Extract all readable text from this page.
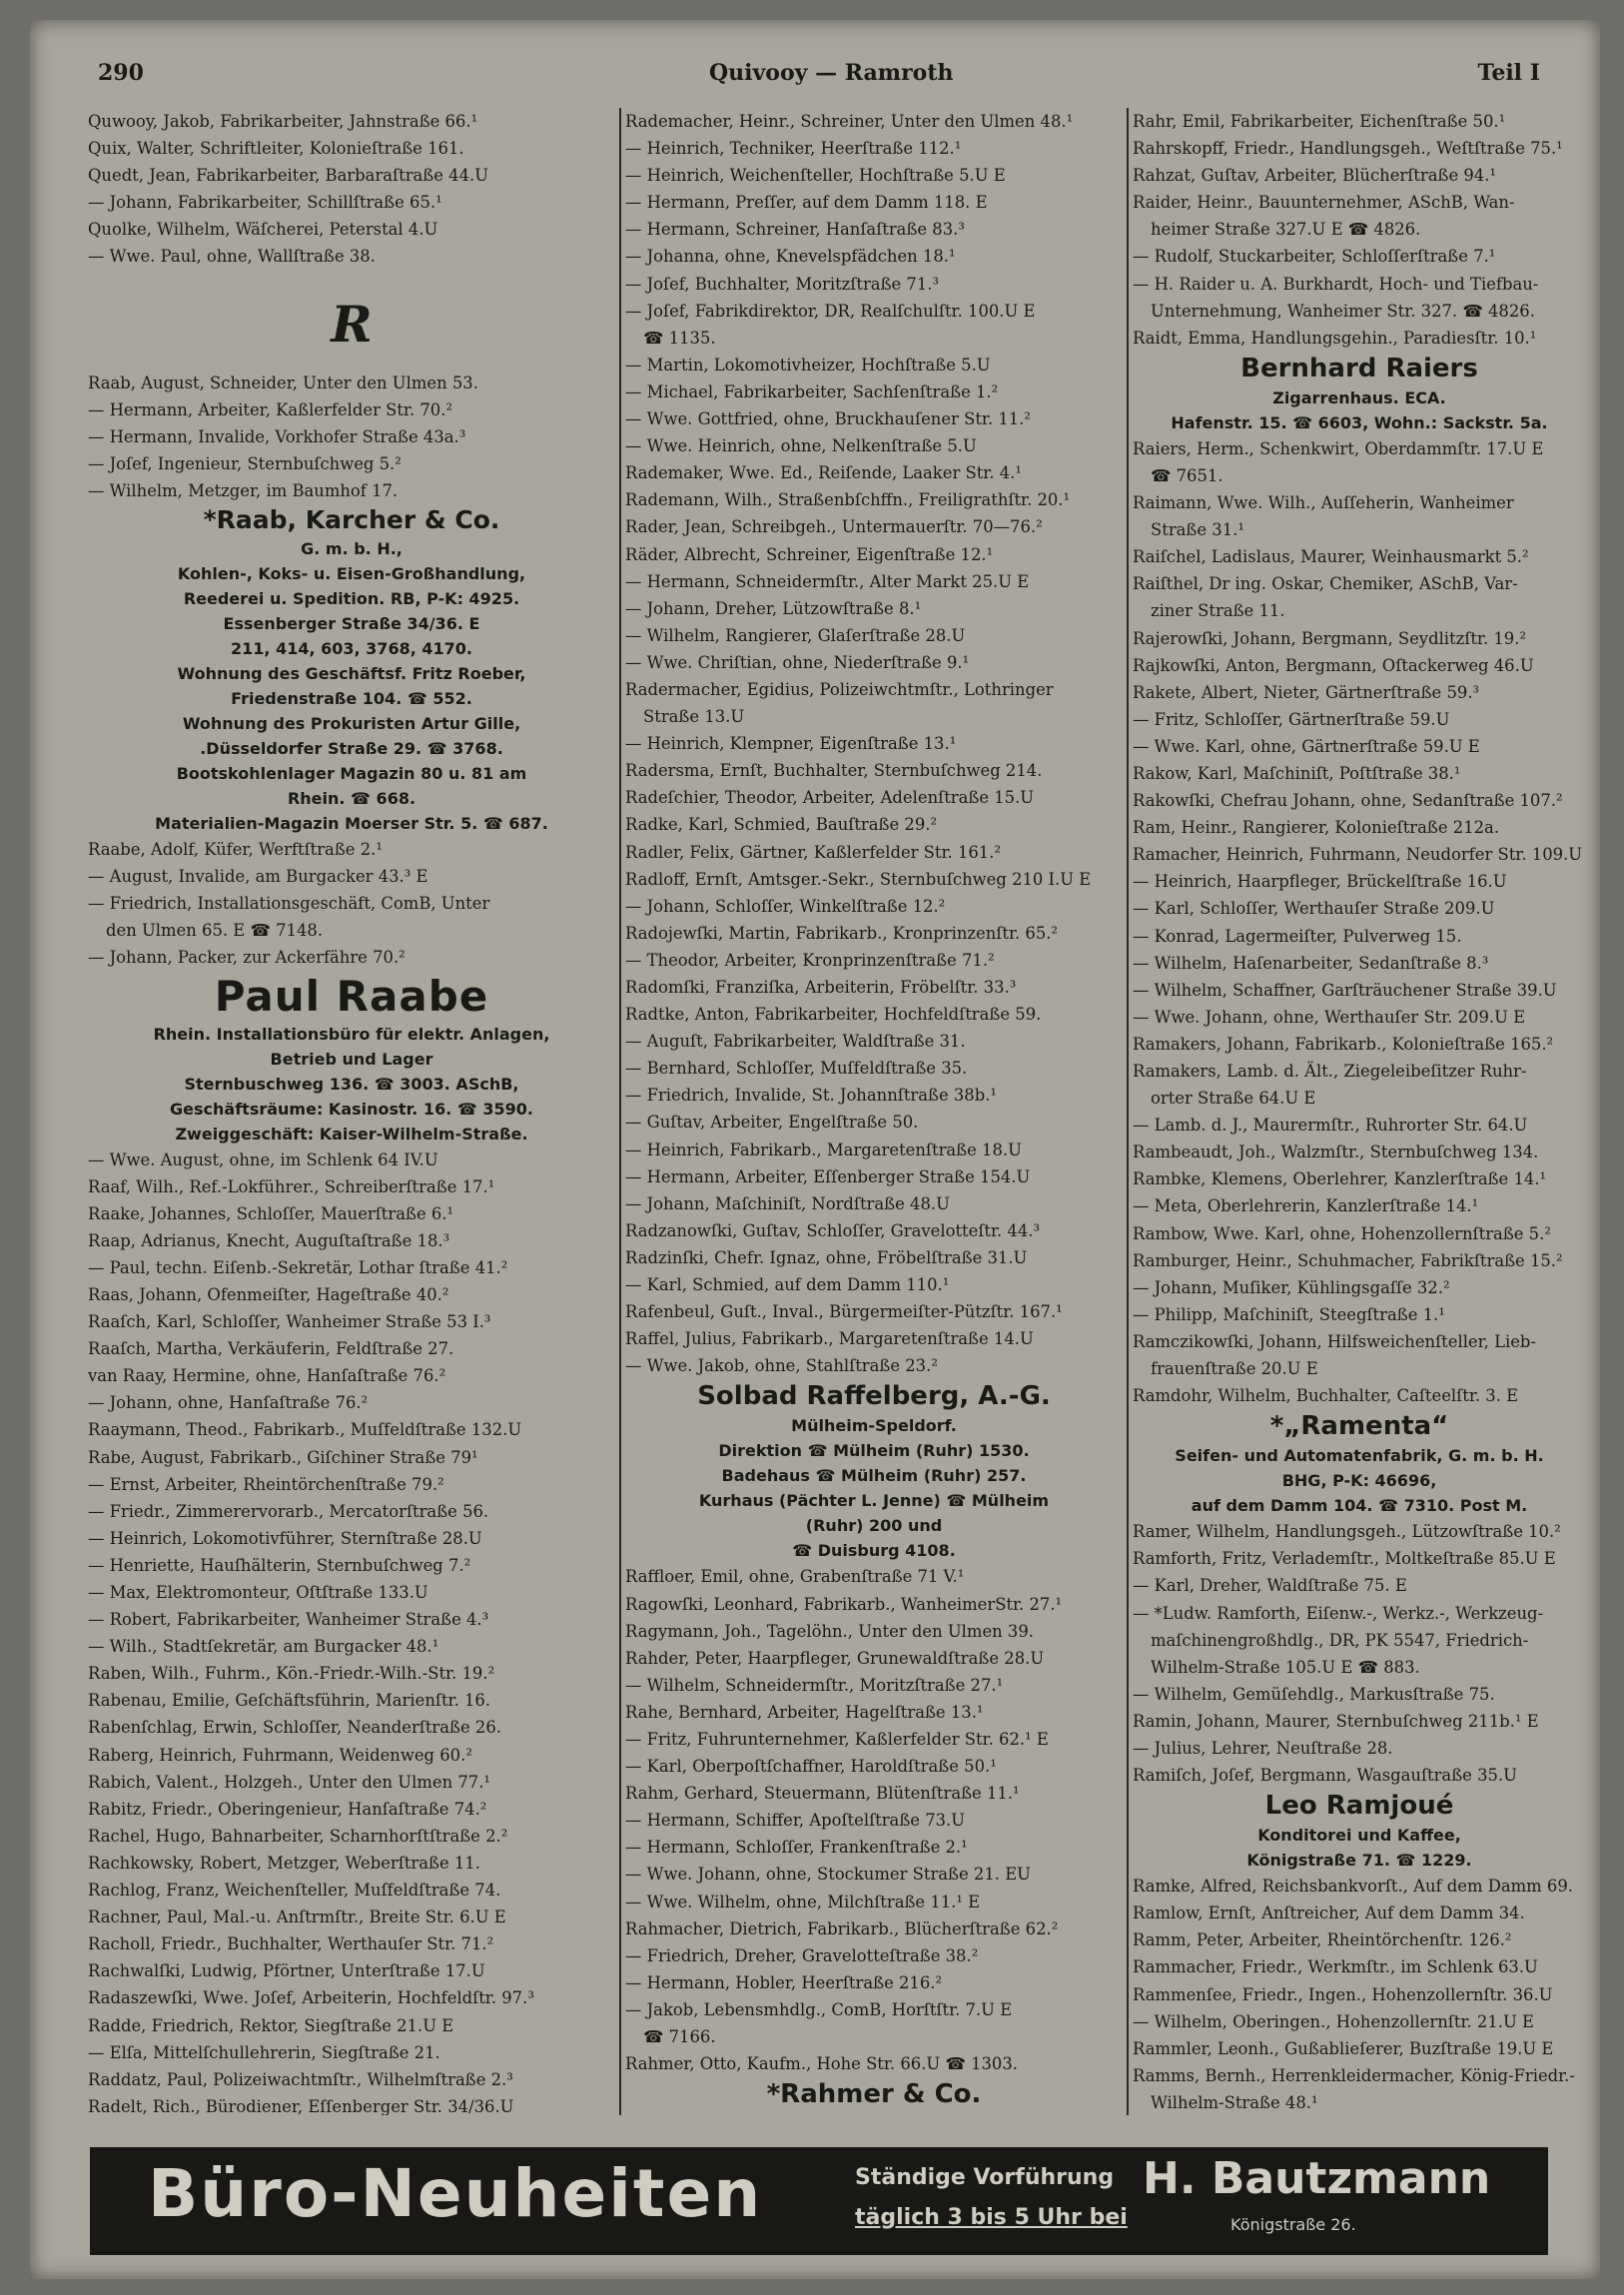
290	Quivooy — Ramroth	Teil I
Quwooy, Jakob, Fabrikarbeiter, Jahnstraße 66.¹
Quix, Walter, Schriftleiter, Kolonieſtraße 161.
Quedt, Jean, Fabrikarbeiter, Barbaraſtraße 44.U
— Johann, Fabrikarbeiter, Schillſtraße 65.¹
Quolke, Wilhelm, Wäſcherei, Peterstal 4.U
— Wwe. Paul, ohne, Wallſtraße 38.
R
Raab, August, Schneider, Unter den Ulmen 53.
— Hermann, Arbeiter, Kaßlerfelder Str. 70.²
— Hermann, Invalide, Vorkhofer Straße 43a.³
— Joſef, Ingenieur, Sternbuſchweg 5.²
— Wilhelm, Metzger, im Baumhof 17.
*Raab, Karcher & Co.
G. m. b. H.,
Kohlen-, Koks- u. Eisen-Großhandlung,
Reederei u. Spedition. RB, P-K: 4925.
Essenberger Straße 34/36. E
211, 414, 603, 3768, 4170.
Wohnung des Geschäftsf. Fritz Roeber,
Friedenstraße 104. ☎ 552.
Wohnung des Prokuristen Artur Gille,
.Düsseldorfer Straße 29. ☎ 3768.
Bootskohlenlager Magazin 80 u. 81 am
Rhein. ☎ 668.
Materialien-Magazin Moerser Str. 5. ☎ 687.
Raabe, Adolf, Küfer, Werftſtraße 2.¹
— August, Invalide, am Burgacker 43.³ E
— Friedrich, Installationsgeschäft, ComB, Unter
den Ulmen 65. E ☎ 7148.
— Johann, Packer, zur Ackerfähre 70.²
Paul Raabe
Rhein. Installationsbüro für elektr. Anlagen,
Betrieb und Lager
Sternbuschweg 136. ☎ 3003. ASchB,
Geschäftsräume: Kasinostr. 16. ☎ 3590.
Zweiggeschäft: Kaiser-Wilhelm-Straße.
— Wwe. August, ohne, im Schlenk 64 IV.U
Raaf, Wilh., Ref.-Lokführer., Schreiberſtraße 17.¹
Raake, Johannes, Schloſſer, Mauerſtraße 6.¹
Raap, Adrianus, Knecht, Auguſtaſtraße 18.³
— Paul, techn. Eiſenb.-Sekretär, Lothar ſtraße 41.²
Raas, Johann, Ofenmeiſter, Hageſtraße 40.²
Raaſch, Karl, Schloſſer, Wanheimer Straße 53 I.³
Raaſch, Martha, Verkäuferin, Feldſtraße 27.
van Raay, Hermine, ohne, Hanſaſtraße 76.²
— Johann, ohne, Hanſaſtraße 76.²
Raaymann, Theod., Fabrikarb., Muſfeldſtraße 132.U
Rabe, August, Fabrikarb., Giſchiner Straße 79¹
— Ernst, Arbeiter, Rheintörchenſtraße 79.²
— Friedr., Zimmerervorarb., Mercatorſtraße 56.
— Heinrich, Lokomotivführer, Sternſtraße 28.U
— Henriette, Hauſhälterin, Sternbuſchweg 7.²
— Max, Elektromonteur, Oſtſtraße 133.U
— Robert, Fabrikarbeiter, Wanheimer Straße 4.³
— Wilh., Stadtſekretär, am Burgacker 48.¹
Raben, Wilh., Fuhrm., Kön.-Friedr.-Wilh.-Str. 19.²
Rabenau, Emilie, Geſchäftsführin, Marienſtr. 16.
Rabenſchlag, Erwin, Schloſſer, Neanderſtraße 26.
Raberg, Heinrich, Fuhrmann, Weidenweg 60.²
Rabich, Valent., Holzgeh., Unter den Ulmen 77.¹
Rabitz, Friedr., Oberingenieur, Hanſaſtraße 74.²
Rachel, Hugo, Bahnarbeiter, Scharnhorſtſtraße 2.²
Rachkowsky, Robert, Metzger, Weberſtraße 11.
Rachlog, Franz, Weichenſteller, Muſfeldſtraße 74.
Rachner, Paul, Mal.-u. Anſtrmſtr., Breite Str. 6.U E
Racholl, Friedr., Buchhalter, Werthauſer Str. 71.²
Rachwalſki, Ludwig, Pförtner, Unterſtraße 17.U
Radaszewſki, Wwe. Joſef, Arbeiterin, Hochfeldſtr. 97.³
Radde, Friedrich, Rektor, Siegſtraße 21.U E
— Elſa, Mittelſchullehrerin, Siegſtraße 21.
Raddatz, Paul, Polizeiwachtmſtr., Wilhelmſtraße 2.³
Radelt, Rich., Bürodiener, Eſſenberger Str. 34/36.U
Rademacher, Heinr., Schreiner, Unter den Ulmen 48.¹
— Heinrich, Techniker, Heerſtraße 112.¹
— Heinrich, Weichenſteller, Hochſtraße 5.U E
— Hermann, Preſſer, auf dem Damm 118. E
— Hermann, Schreiner, Hanſaſtraße 83.³
— Johanna, ohne, Knevelspfädchen 18.¹
— Joſef, Buchhalter, Moritzſtraße 71.³
— Joſef, Fabrikdirektor, DR, Realſchulſtr. 100.U E
☎ 1135.
— Martin, Lokomotivheizer, Hochſtraße 5.U
— Michael, Fabrikarbeiter, Sachſenſtraße 1.²
— Wwe. Gottfried, ohne, Bruckhauſener Str. 11.²
— Wwe. Heinrich, ohne, Nelkenſtraße 5.U
Rademaker, Wwe. Ed., Reiſende, Laaker Str. 4.¹
Rademann, Wilh., Straßenbſchffn., Freiligrathſtr. 20.¹
Rader, Jean, Schreibgeh., Untermauerſtr. 70—76.²
Räder, Albrecht, Schreiner, Eigenſtraße 12.¹
— Hermann, Schneidermſtr., Alter Markt 25.U E
— Johann, Dreher, Lützowſtraße 8.¹
— Wilhelm, Rangierer, Glaſerſtraße 28.U
— Wwe. Chriſtian, ohne, Niederſtraße 9.¹
Radermacher, Egidius, Polizeiwchtmſtr., Lothringer
Straße 13.U
— Heinrich, Klempner, Eigenſtraße 13.¹
Radersma, Ernſt, Buchhalter, Sternbuſchweg 214.
Radeſchier, Theodor, Arbeiter, Adelenſtraße 15.U
Radke, Karl, Schmied, Bauſtraße 29.²
Radler, Felix, Gärtner, Kaßlerfelder Str. 161.²
Radloff, Ernſt, Amtsger.-Sekr., Sternbuſchweg 210 I.U E
— Johann, Schloſſer, Winkelſtraße 12.²
Radojewſki, Martin, Fabrikarb., Kronprinzenſtr. 65.²
— Theodor, Arbeiter, Kronprinzenſtraße 71.²
Radomſki, Franziſka, Arbeiterin, Fröbelſtr. 33.³
Radtke, Anton, Fabrikarbeiter, Hochfeldſtraße 59.
— Auguſt, Fabrikarbeiter, Waldſtraße 31.
— Bernhard, Schloſſer, Muſfeldſtraße 35.
— Friedrich, Invalide, St. Johannſtraße 38b.¹
— Guſtav, Arbeiter, Engelſtraße 50.
— Heinrich, Fabrikarb., Margaretenſtraße 18.U
— Hermann, Arbeiter, Eſſenberger Straße 154.U
— Johann, Maſchiniſt, Nordſtraße 48.U
Radzanowſki, Guſtav, Schloſſer, Gravelotteſtr. 44.³
Radzinſki, Chefr. Ignaz, ohne, Fröbelſtraße 31.U
— Karl, Schmied, auf dem Damm 110.¹
Rafenbeul, Guſt., Inval., Bürgermeiſter-Pützſtr. 167.¹
Raffel, Julius, Fabrikarb., Margaretenſtraße 14.U
— Wwe. Jakob, ohne, Stahlſtraße 23.²
Solbad Raffelberg, A.-G.
Mülheim-Speldorf.
Direktion ☎ Mülheim (Ruhr) 1530.
Badehaus ☎ Mülheim (Ruhr) 257.
Kurhaus (Pächter L. Jenne) ☎ Mülheim
(Ruhr) 200 und
☎ Duisburg 4108.
Raffloer, Emil, ohne, Grabenſtraße 71 V.¹
Ragowſki, Leonhard, Fabrikarb., WanheimerStr. 27.¹
Ragymann, Joh., Tagelöhn., Unter den Ulmen 39.
Rahder, Peter, Haarpfleger, Grunewaldſtraße 28.U
— Wilhelm, Schneidermſtr., Moritzſtraße 27.¹
Rahe, Bernhard, Arbeiter, Hagelſtraße 13.¹
— Fritz, Fuhrunternehmer, Kaßlerfelder Str. 62.¹ E
— Karl, Oberpoſtſchaffner, Haroldſtraße 50.¹
Rahm, Gerhard, Steuermann, Blütenſtraße 11.¹
— Hermann, Schiffer, Apoſtelſtraße 73.U
— Hermann, Schloſſer, Frankenſtraße 2.¹
— Wwe. Johann, ohne, Stockumer Straße 21. EU
— Wwe. Wilhelm, ohne, Milchſtraße 11.¹ E
Rahmacher, Dietrich, Fabrikarb., Blücherſtraße 62.²
— Friedrich, Dreher, Gravelotteſtraße 38.²
— Hermann, Hobler, Heerſtraße 216.²
— Jakob, Lebensmhdlg., ComB, Horſtſtr. 7.U E
☎ 7166.
Rahmer, Otto, Kaufm., Hohe Str. 66.U ☎ 1303.
*Rahmer & Co.
Rahr, Emil, Fabrikarbeiter, Eichenſtraße 50.¹
Rahrskopff, Friedr., Handlungsgeh., Weſtſtraße 75.¹
Rahzat, Guſtav, Arbeiter, Blücherſtraße 94.¹
Raider, Heinr., Bauunternehmer, ASchB, Wan-
heimer Straße 327.U E ☎ 4826.
— Rudolf, Stuckarbeiter, Schloſſerſtraße 7.¹
— H. Raider u. A. Burkhardt, Hoch- und Tiefbau-
Unternehmung, Wanheimer Str. 327. ☎ 4826.
Raidt, Emma, Handlungsgehin., Paradiesſtr. 10.¹
Bernhard Raiers
Zigarrenhaus. ECA.
Hafenstr. 15. ☎ 6603, Wohn.: Sackstr. 5a.
Raiers, Herm., Schenkwirt, Oberdammſtr. 17.U E
☎ 7651.
Raimann, Wwe. Wilh., Auſſeherin, Wanheimer
Straße 31.¹
Raiſchel, Ladislaus, Maurer, Weinhausmarkt 5.²
Raiſthel, Dr ing. Oskar, Chemiker, ASchB, Var-
ziner Straße 11.
Rajerowſki, Johann, Bergmann, Seydlitzſtr. 19.²
Rajkowſki, Anton, Bergmann, Oſtackerweg 46.U
Rakete, Albert, Nieter, Gärtnerſtraße 59.³
— Fritz, Schloſſer, Gärtnerſtraße 59.U
— Wwe. Karl, ohne, Gärtnerſtraße 59.U E
Rakow, Karl, Maſchiniſt, Poſtſtraße 38.¹
Rakowſki, Chefrau Johann, ohne, Sedanſtraße 107.²
Ram, Heinr., Rangierer, Kolonieſtraße 212a.
Ramacher, Heinrich, Fuhrmann, Neudorfer Str. 109.U
— Heinrich, Haarpfleger, Brückelſtraße 16.U
— Karl, Schloſſer, Werthauſer Straße 209.U
— Konrad, Lagermeiſter, Pulverweg 15.
— Wilhelm, Haſenarbeiter, Sedanſtraße 8.³
— Wilhelm, Schaffner, Garſträuchener Straße 39.U
— Wwe. Johann, ohne, Werthauſer Str. 209.U E
Ramakers, Johann, Fabrikarb., Kolonieſtraße 165.²
Ramakers, Lamb. d. Ält., Ziegeleibeſitzer Ruhr-
orter Straße 64.U E
— Lamb. d. J., Maurermſtr., Ruhrorter Str. 64.U
Rambeaudt, Joh., Walzmſtr., Sternbuſchweg 134.
Rambke, Klemens, Oberlehrer, Kanzlerſtraße 14.¹
— Meta, Oberlehrerin, Kanzlerſtraße 14.¹
Rambow, Wwe. Karl, ohne, Hohenzollernſtraße 5.²
Ramburger, Heinr., Schuhmacher, Fabrikſtraße 15.²
— Johann, Muſiker, Kühlingsgaſſe 32.²
— Philipp, Maſchiniſt, Steegſtraße 1.¹
Ramczikowſki, Johann, Hilfsweichenſteller, Lieb-
frauenſtraße 20.U E
Ramdohr, Wilhelm, Buchhalter, Caſteelſtr. 3. E
*„Ramenta“
Seifen- und Automatenfabrik, G. m. b. H.
BHG, P-K: 46696,
auf dem Damm 104. ☎ 7310. Post M.
Ramer, Wilhelm, Handlungsgeh., Lützowſtraße 10.²
Ramforth, Fritz, Verlademſtr., Moltkeſtraße 85.U E
— Karl, Dreher, Waldſtraße 75. E
— *Ludw. Ramforth, Eiſenw.-, Werkz.-, Werkzeug-
maſchinengroßhdlg., DR, PK 5547, Friedrich-
Wilhelm-Straße 105.U E ☎ 883.
— Wilhelm, Gemüſehdlg., Markusſtraße 75.
Ramin, Johann, Maurer, Sternbuſchweg 211b.¹ E
— Julius, Lehrer, Neuſtraße 28.
Ramiſch, Joſef, Bergmann, Wasgauſtraße 35.U
Leo Ramjoué
Konditorei und Kaffee,
Königstraße 71. ☎ 1229.
Ramke, Alfred, Reichsbankvorſt., Auf dem Damm 69.
Ramlow, Ernſt, Anſtreicher, Auf dem Damm 34.
Ramm, Peter, Arbeiter, Rheintörchenſtr. 126.²
Rammacher, Friedr., Werkmſtr., im Schlenk 63.U
Rammenſee, Friedr., Ingen., Hohenzollernſtr. 36.U
— Wilhelm, Oberingen., Hohenzollernſtr. 21.U E
Rammler, Leonh., Gußablieſerer, Buzſtraße 19.U E
Ramms, Bernh., Herrenkleidermacher, König-Friedr.-
Wilhelm-Straße 48.¹
Büro-Neuheiten	Ständige Vorführung
täglich 3 bis 5 Uhr bei
H. Bautzmann
Königstraße 26.
